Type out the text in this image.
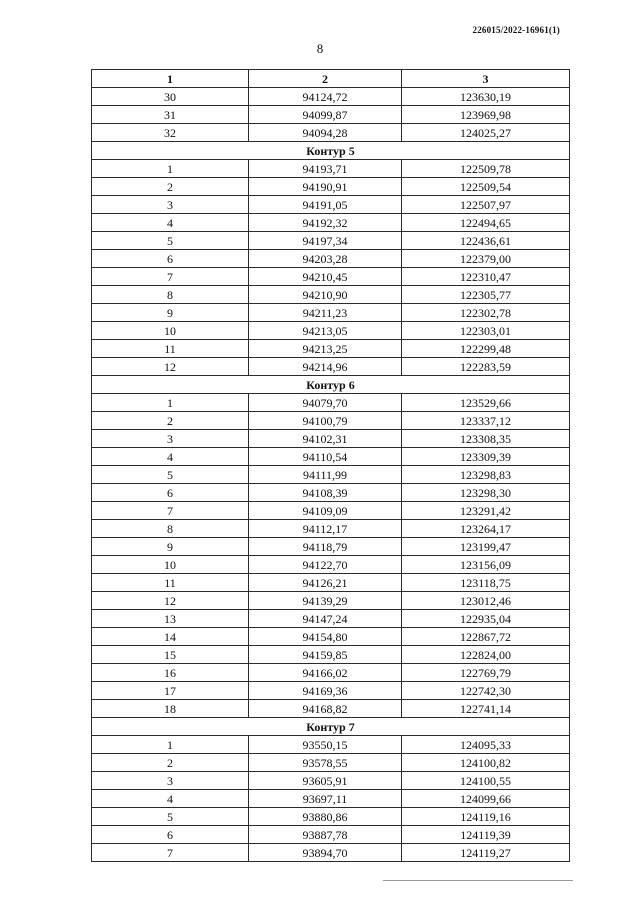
226015/2022-16961(1)
8
1	2	3
30	94124,72	123630,19
31	94099,87	123969,98
32	94094,28	124025,27
Контур 5		
1	94193,71	122509,78
2	94190,91	122509,54
3	94191,05	122507,97
4	94192,32	122494,65
5	94197,34	122436,61
6	94203,28	122379,00
7	94210,45	122310,47
8	94210,90	122305,77
9	94211,23	122302,78
10	94213,05	122303,01
11	94213,25	122299,48
12	94214,96	122283,59
Контур 6		
1	94079,70	123529,66
2	94100,79	123337,12
3	94102,31	123308,35
4	94110,54	123309,39
5	94111,99	123298,83
6	94108,39	123298,30
7	94109,09	123291,42
8	94112,17	123264,17
9	94118,79	123199,47
10	94122,70	123156,09
11	94126,21	123118,75
12	94139,29	123012,46
13	94147,24	122935,04
14	94154,80	122867,72
15	94159,85	122824,00
16	94166,02	122769,79
17	94169,36	122742,30
18	94168,82	122741,14
Контур 7		
1	93550,15	124095,33
2	93578,55	124100,82
3	93605,91	124100,55
4	93697,11	124099,66
5	93880,86	124119,16
6	93887,78	124119,39
7	93894,70	124119,27
